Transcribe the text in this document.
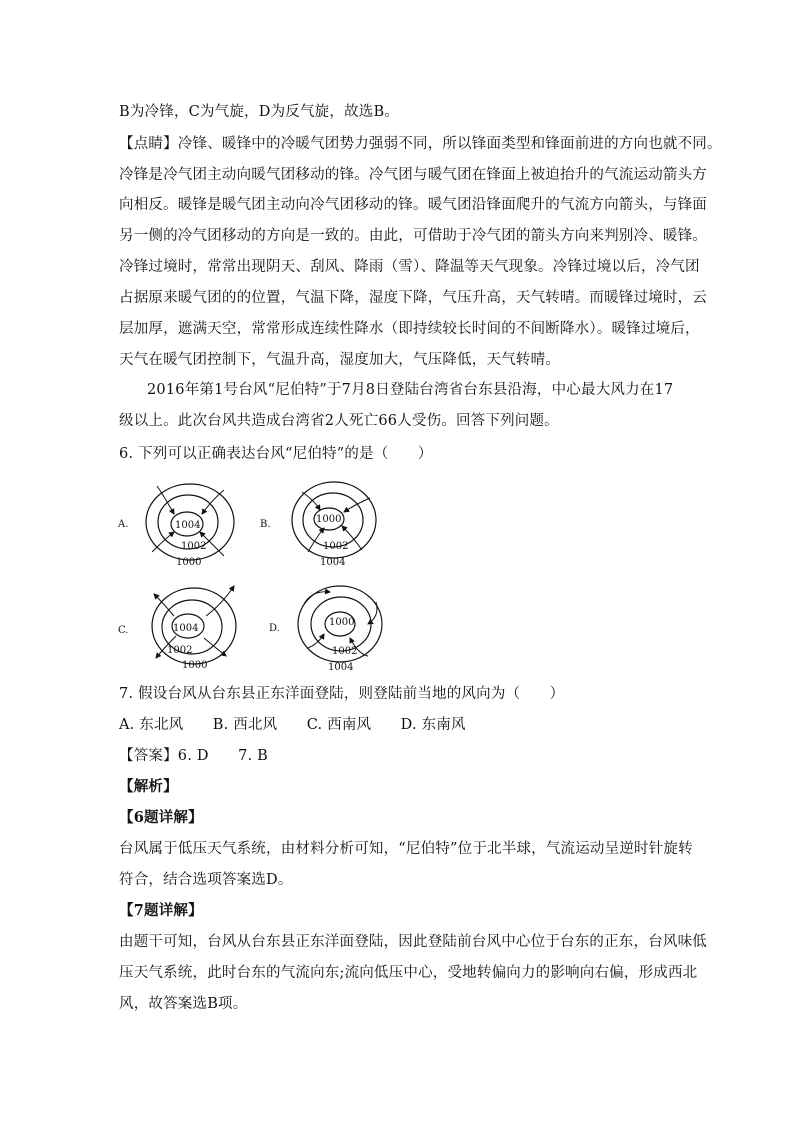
B为冷锋，C为气旋，D为反气旋，故选B。
【点睛】冷锋、暖锋中的冷暖气团势力强弱不同，所以锋面类型和锋面前进的方向也就不同。
冷锋是冷气团主动向暖气团移动的锋。冷气团与暖气团在锋面上被迫抬升的气流运动箭头方
向相反。暖锋是暖气团主动向冷气团移动的锋。暖气团沿锋面爬升的气流方向箭头，与锋面
另一侧的冷气团移动的方向是一致的。由此，可借助于冷气团的箭头方向来判别冷、暖锋。
冷锋过境时，常常出现阴天、刮风、降雨（雪）、降温等天气现象。冷锋过境以后，冷气团
占据原来暖气团的的位置，气温下降，湿度下降，气压升高，天气转晴。而暖锋过境时，云
层加厚，遮满天空，常常形成连续性降水（即持续较长时间的不间断降水）。暖锋过境后，
天气在暖气团控制下，气温升高，湿度加大，气压降低，天气转晴。
2016年第1号台风“尼伯特”于7月8日登陆台湾省台东县沿海，中心最大风力在17
级以上。此次台风共造成台湾省2人死亡66人受伤。回答下列问题。
6. 下列可以正确表达台风“尼伯特”的是（　　）
A.	1004
1002
1000
B.	1000
1002
1004
C.	1004
1002
1000
D.
1000
1002
1004
7. 假设台风从台东县正东洋面登陆，则登陆前当地的风向为（　　）
A. 东北风　　B. 西北风　　C. 西南风　　D. 东南风
【答案】6. D　　7. B
【解析】
【6题详解】
台风属于低压天气系统，由材料分析可知，“尼伯特”位于北半球，气流运动呈逆时针旋转
符合，结合选项答案选D。
【7题详解】
由题干可知，台风从台东县正东洋面登陆，因此登陆前台风中心位于台东的正东，台风味低
压天气系统，此时台东的气流向东;流向低压中心，受地转偏向力的影响向右偏，形成西北
风，故答案选B项。
